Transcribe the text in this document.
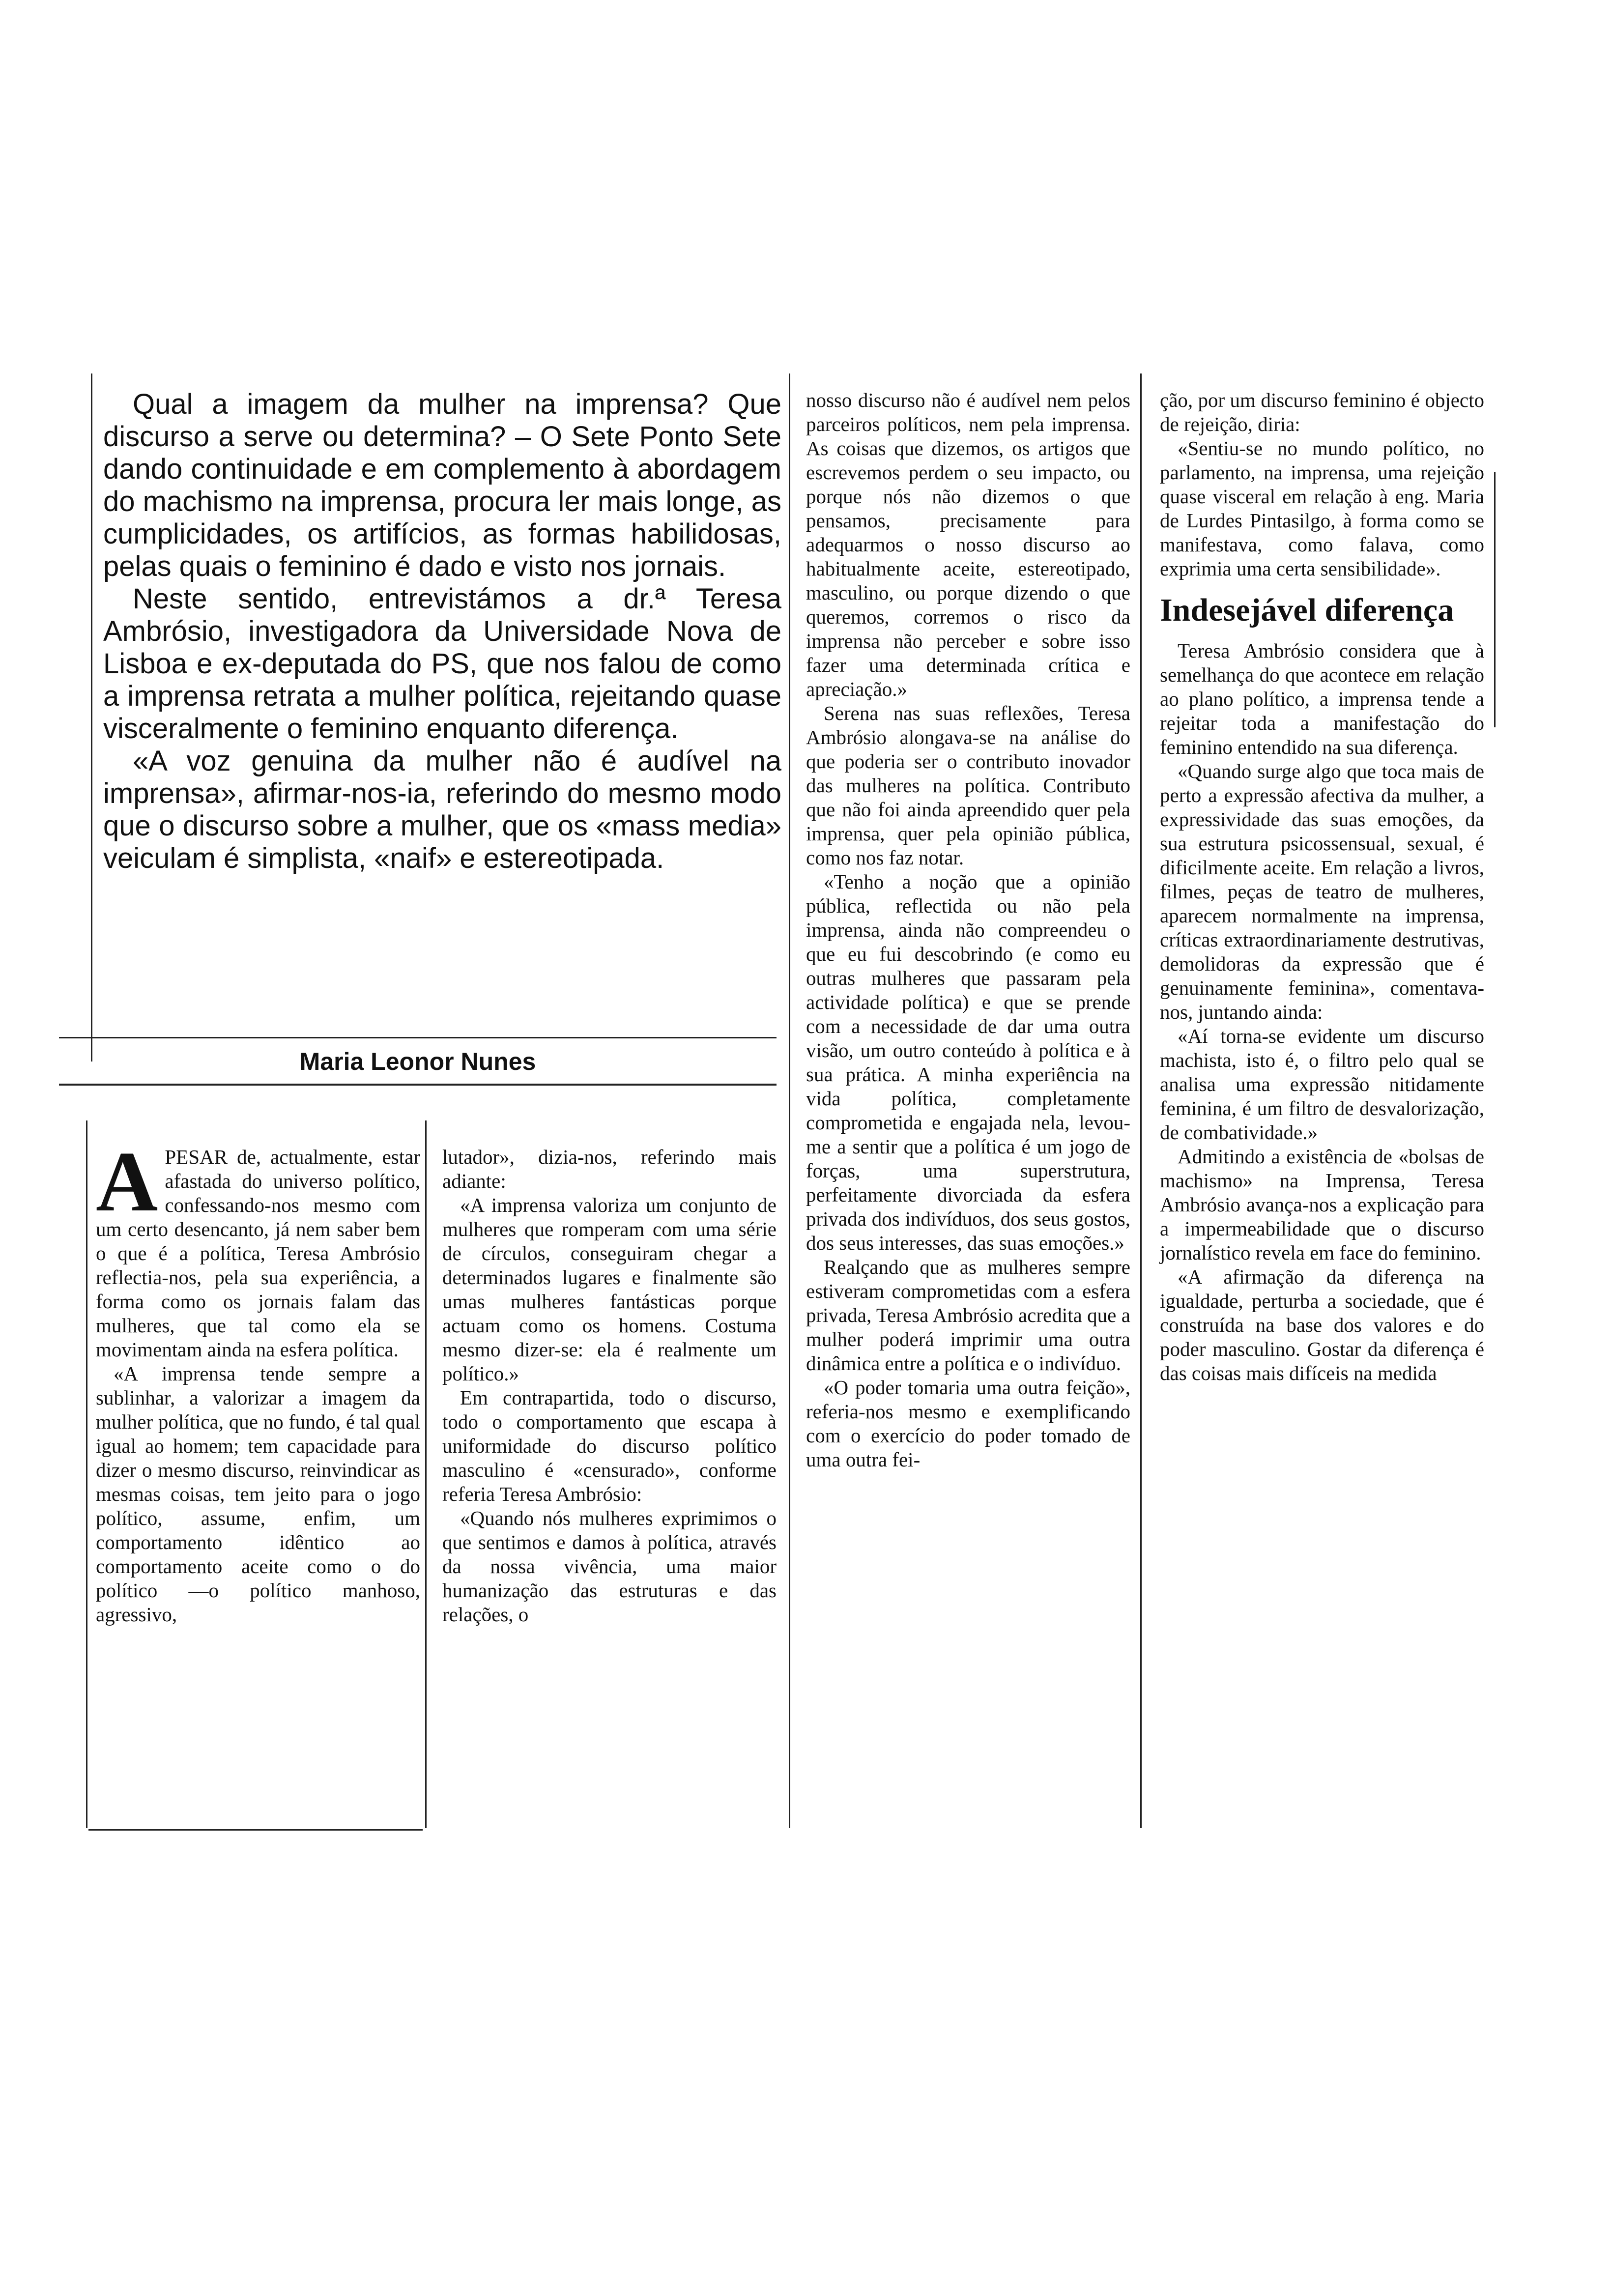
Qual a imagem da mulher na imprensa? Que discurso a serve ou determina? – O Sete Ponto Sete dando continuidade e em complemento à abordagem do machismo na imprensa, procura ler mais longe, as cumplicidades, os artifícios, as formas habilidosas, pelas quais o feminino é dado e visto nos jornais.

Neste sentido, entrevistámos a dr.ª Teresa Ambrósio, investigadora da Universidade Nova de Lisboa e ex-deputada do PS, que nos falou de como a imprensa retrata a mulher política, rejeitando quase visceralmente o feminino enquanto diferença.

«A voz genuina da mulher não é audível na imprensa», afirmar-nos-ia, referindo do mesmo modo que o discurso sobre a mulher, que os «mass media» veiculam é simplista, «naif» e estereotipada.

Maria Leonor Nunes

APESAR de, actualmente, estar afastada do universo político, confessando-nos mesmo com um certo desencanto, já nem saber bem o que é a política, Teresa Ambrósio reflectia-nos, pela sua experiência, a forma como os jornais falam das mulheres, que tal como ela se movimentam ainda na esfera política.

«A imprensa tende sempre a sublinhar, a valorizar a imagem da mulher política, que no fundo, é tal qual igual ao homem; tem capacidade para dizer o mesmo discurso, reinvindicar as mesmas coisas, tem jeito para o jogo político, assume, enfim, um comportamento idêntico ao comportamento aceite como o do político —o político manhoso, agressivo,

lutador», dizia-nos, referindo mais adiante:

«A imprensa valoriza um conjunto de mulheres que romperam com uma série de círculos, conseguiram chegar a determinados lugares e finalmente são umas mulheres fantásticas porque actuam como os homens. Costuma mesmo dizer-se: ela é realmente um político.»

Em contrapartida, todo o discurso, todo o comportamento que escapa à uniformidade do discurso político masculino é «censurado», conforme referia Teresa Ambrósio:

«Quando nós mulheres exprimimos o que sentimos e damos à política, através da nossa vivência, uma maior humanização das estruturas e das relações, o

nosso discurso não é audível nem pelos parceiros políticos, nem pela imprensa. As coisas que dizemos, os artigos que escrevemos perdem o seu impacto, ou porque nós não dizemos o que pensamos, precisamente para adequarmos o nosso discurso ao habitualmente aceite, estereotipado, masculino, ou porque dizendo o que queremos, corremos o risco da imprensa não perceber e sobre isso fazer uma determinada crítica e apreciação.»

Serena nas suas reflexões, Teresa Ambrósio alongava-se na análise do que poderia ser o contributo inovador das mulheres na política. Contributo que não foi ainda apreendido quer pela imprensa, quer pela opinião pública, como nos faz notar.

«Tenho a noção que a opinião pública, reflectida ou não pela imprensa, ainda não compreendeu o que eu fui descobrindo (e como eu outras mulheres que passaram pela actividade política) e que se prende com a necessidade de dar uma outra visão, um outro conteúdo à política e à sua prática. A minha experiência na vida política, completamente comprometida e engajada nela, levou-me a sentir que a política é um jogo de forças, uma superstrutura, perfeitamente divorciada da esfera privada dos indivíduos, dos seus gostos, dos seus interesses, das suas emoções.»

Realçando que as mulheres sempre estiveram comprometidas com a esfera privada, Teresa Ambrósio acredita que a mulher poderá imprimir uma outra dinâmica entre a política e o indivíduo.

«O poder tomaria uma outra feição», referia-nos mesmo e exemplificando com o exercício do poder tomado de uma outra fei-

ção, por um discurso feminino é objecto de rejeição, diria:

«Sentiu-se no mundo político, no parlamento, na imprensa, uma rejeição quase visceral em relação à eng. Maria de Lurdes Pintasilgo, à forma como se manifestava, como falava, como exprimia uma certa sensibilidade».

Indesejável diferença

Teresa Ambrósio considera que à semelhança do que acontece em relação ao plano político, a imprensa tende a rejeitar toda a manifestação do feminino entendido na sua diferença.

«Quando surge algo que toca mais de perto a expressão afectiva da mulher, a expressividade das suas emoções, da sua estrutura psicossensual, sexual, é dificilmente aceite. Em relação a livros, filmes, peças de teatro de mulheres, aparecem normalmente na imprensa, críticas extraordinariamente destrutivas, demolidoras da expressão que é genuinamente feminina», comentava-nos, juntando ainda:

«Aí torna-se evidente um discurso machista, isto é, o filtro pelo qual se analisa uma expressão nitidamente feminina, é um filtro de desvalorização, de combatividade.»

Admitindo a existência de «bolsas de machismo» na Imprensa, Teresa Ambrósio avança-nos a explicação para a impermeabilidade que o discurso jornalístico revela em face do feminino.

«A afirmação da diferença na igualdade, perturba a sociedade, que é construída na base dos valores e do poder masculino. Gostar da diferença é das coisas mais difíceis na medida
